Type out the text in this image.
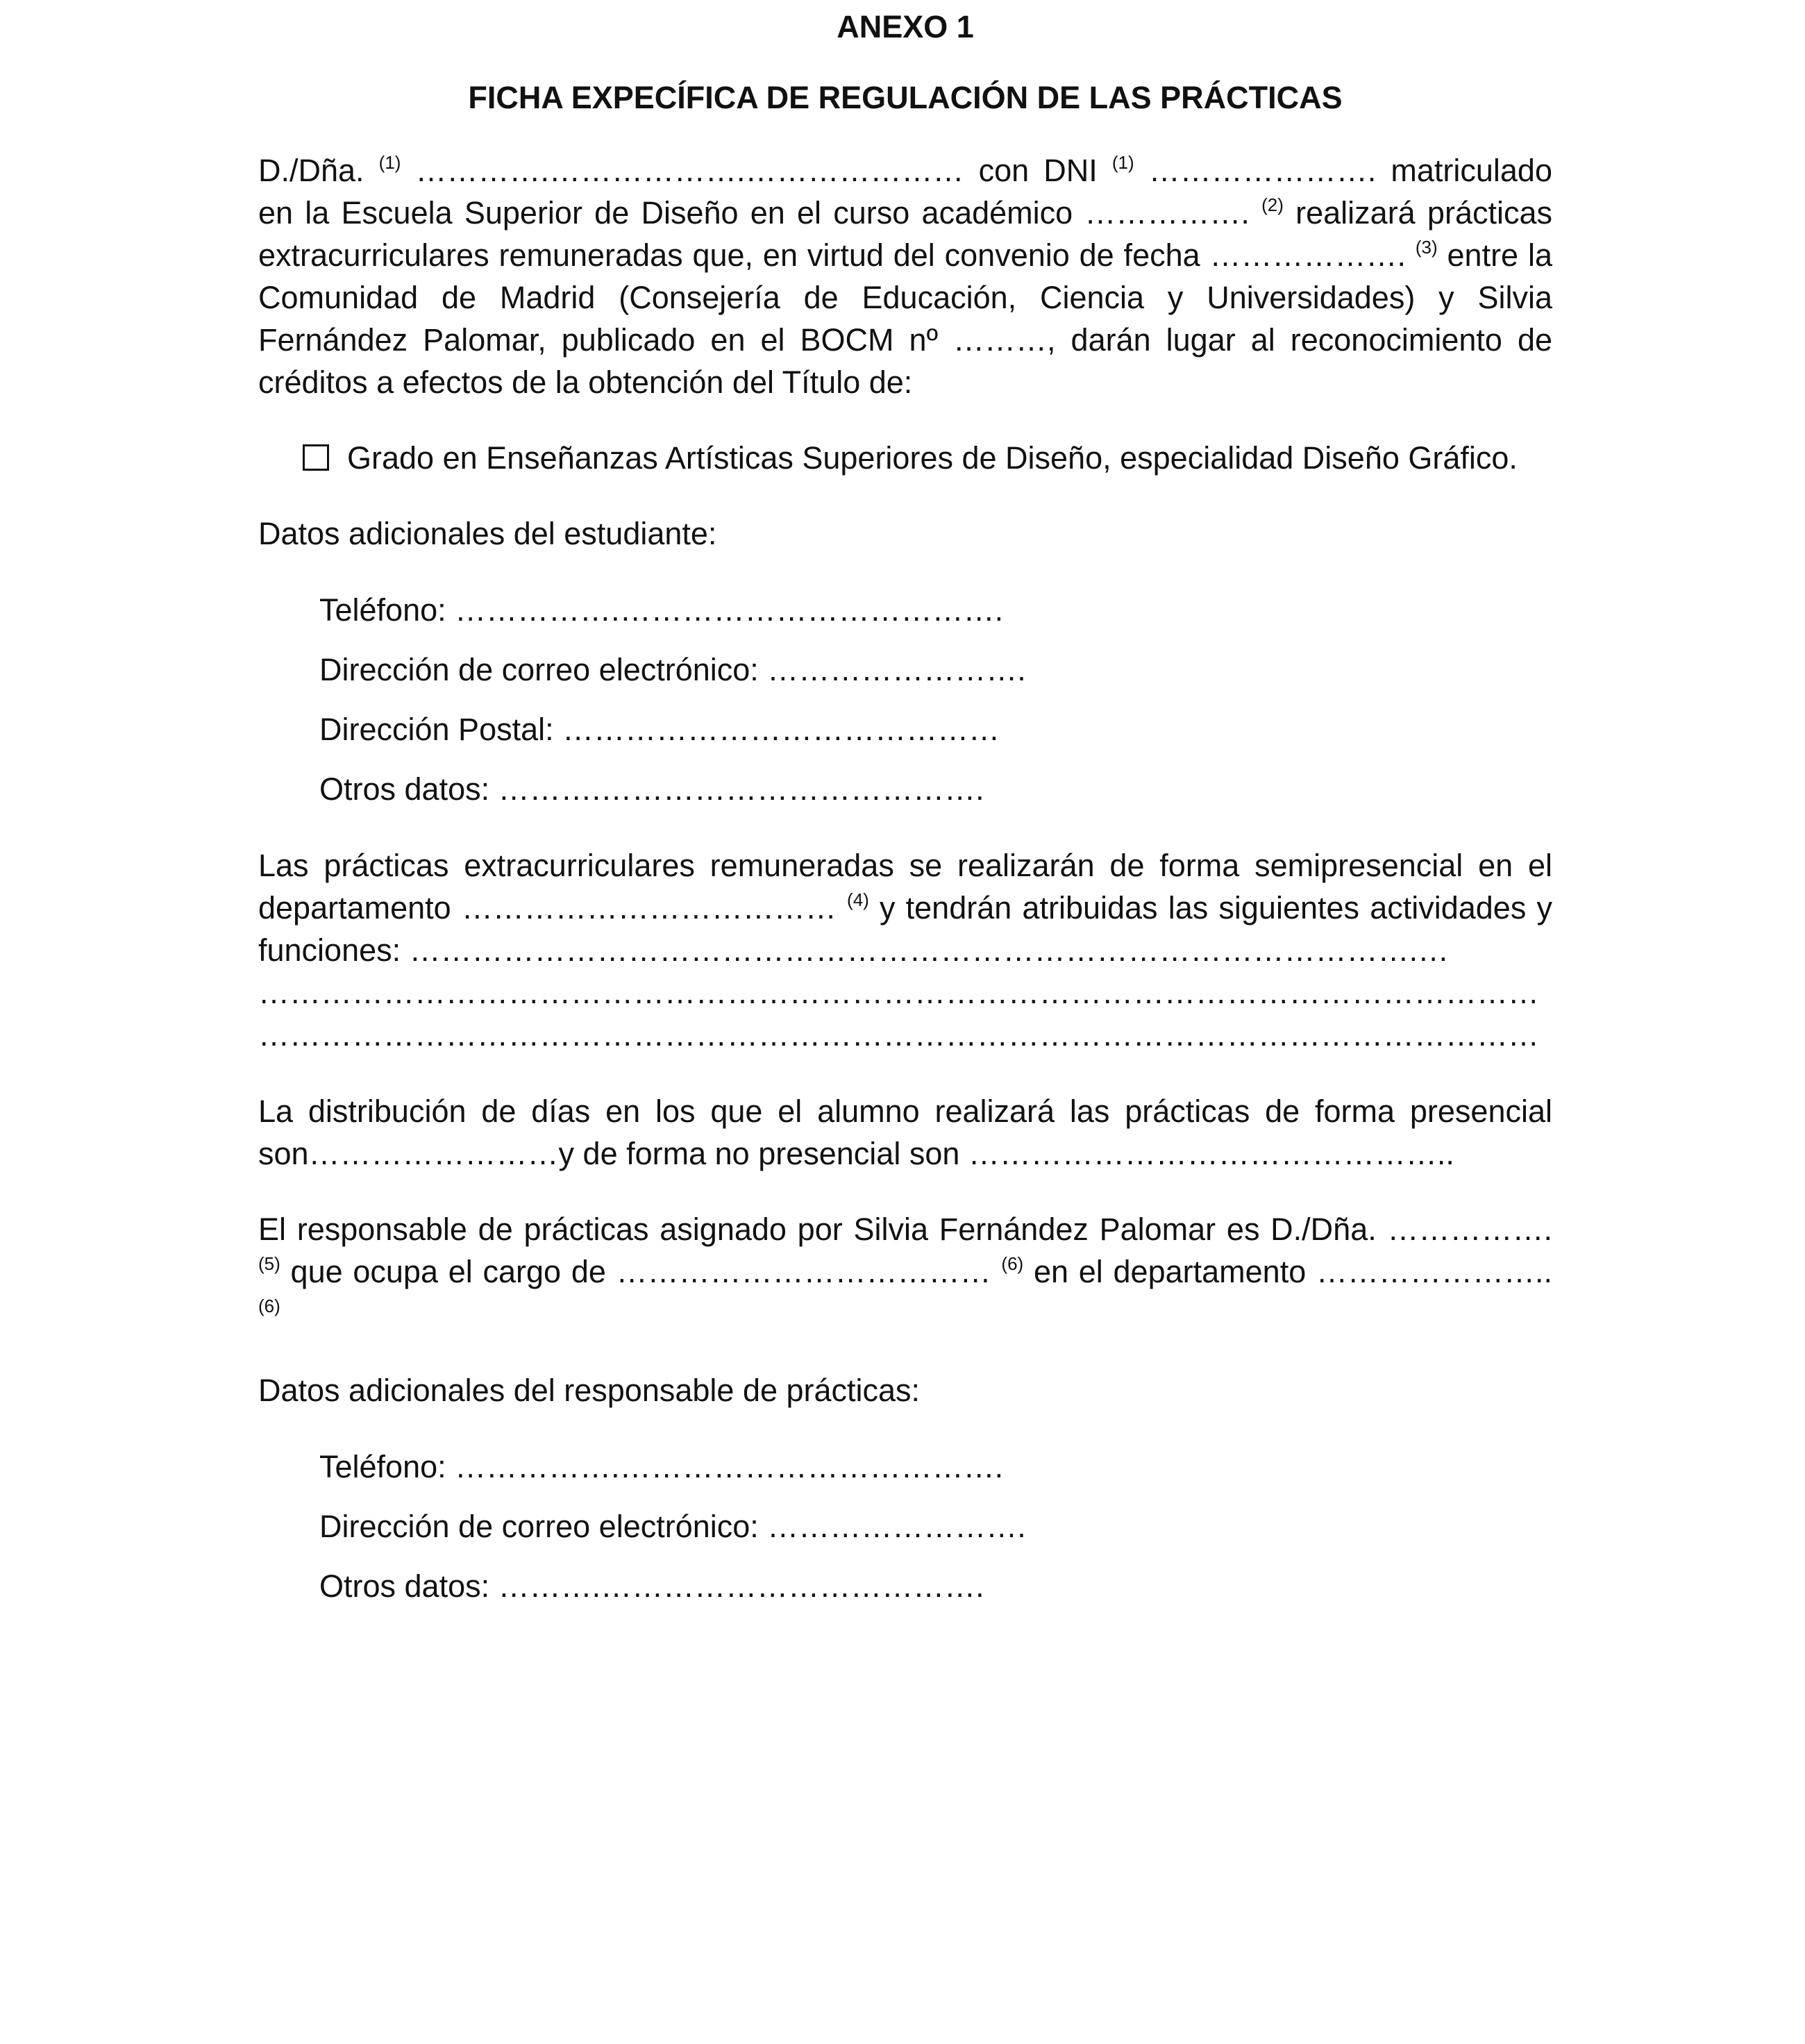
ANEXO 1
FICHA EXPECÍFICA DE REGULACIÓN DE LAS PRÁCTICAS
D./Dña. $^{(1)}$ ………….……………….………………… con DNI $^{(1)}$ …………………. matriculado en la Escuela Superior de Diseño en el curso académico ……………. $^{(2)}$ realizará prácticas extracurriculares remuneradas que, en virtud del convenio de fecha ………………. $^{(3)}$ entre la Comunidad de Madrid (Consejería de Educación, Ciencia y Universidades) y Silvia Fernández Palomar, publicado en el BOCM nº ………, darán lugar al reconocimiento de créditos a efectos de la obtención del Título de:
Grado en Enseñanzas Artísticas Superiores de Diseño, especialidad Diseño Gráfico.
Datos adicionales del estudiante:
Teléfono: …………….……………………………….
Dirección de correo electrónico: …………………….
Dirección Postal: ……………………………………
Otros datos: ……….……………………………….
Las prácticas extracurriculares remuneradas se realizarán de forma semipresencial en el departamento ……………………………… $^{(4)}$ y tendrán atribuidas las siguientes actividades y funciones: …………………………………………………………………………………….…
……………………………………………………………………………………………………………
……………………………………………………………………………………………………………
La distribución de días en los que el alumno realizará las prácticas de forma presencial son……………………y de forma no presencial son ………………………………………..
El responsable de prácticas asignado por Silvia Fernández Palomar es D./Dña. ……………. $^{(5)}$ que ocupa el cargo de ……………………………… $^{(6)}$ en el departamento …………………..$^{(6)}$
Datos adicionales del responsable de prácticas:
Teléfono: …………….……………………………….
Dirección de correo electrónico: …………………….
Otros datos: ……….……………………………….
